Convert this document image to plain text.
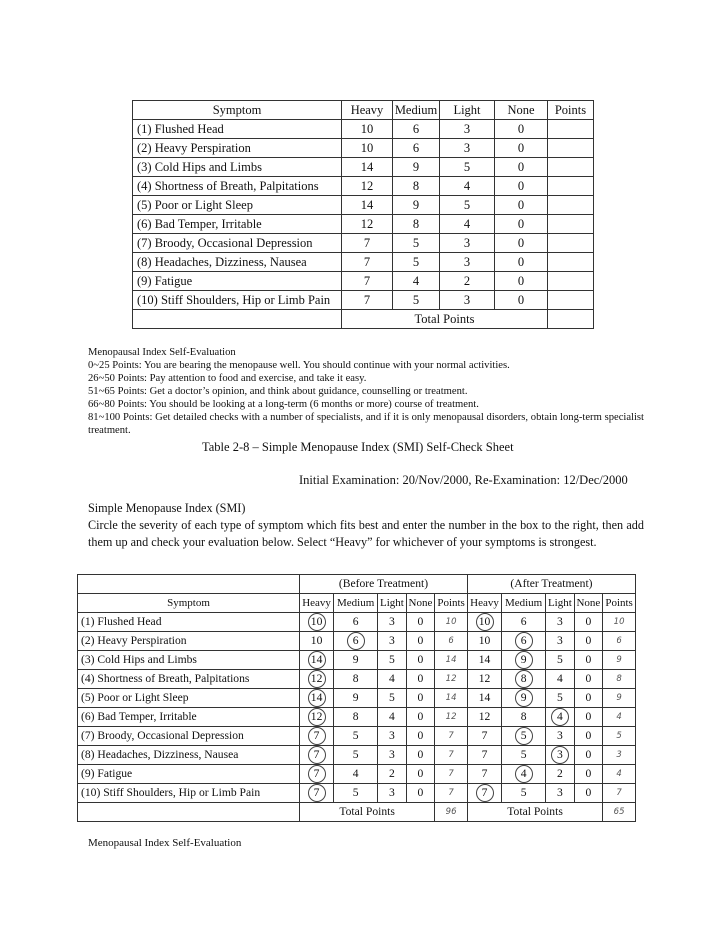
Symptom	Heavy	Medium	Light	None	Points
(1) Flushed Head	10	6	3	0	
(2) Heavy Perspiration	10	6	3	0	
(3) Cold Hips and Limbs	14	9	5	0	
(4) Shortness of Breath, Palpitations	12	8	4	0	
(5) Poor or Light Sleep	14	9	5	0	
(6) Bad Temper, Irritable	12	8	4	0	
(7) Broody, Occasional Depression	7	5	3	0	
(8) Headaches, Dizziness, Nausea	7	5	3	0	
(9) Fatigue	7	4	2	0	
(10) Stiff Shoulders, Hip or Limb Pain	7	5	3	0	
	Total Points				
Menopausal Index Self-Evaluation
0~25 Points: You are bearing the menopause well. You should continue with your normal activities.
26~50 Points: Pay attention to food and exercise, and take it easy.
51~65 Points: Get a doctor’s opinion, and think about guidance, counselling or treatment.
66~80 Points: You should be looking at a long-term (6 months or more) course of treatment.
81~100 Points: Get detailed checks with a number of specialists, and if it is only menopausal disorders, obtain long-term specialist treatment.
Table 2-8 – Simple Menopause Index (SMI) Self-Check Sheet
Initial Examination: 20/Nov/2000, Re-Examination: 12/Dec/2000
Simple Menopause Index (SMI)
Circle the severity of each type of symptom which fits best and enter the number in the box to the right, then add them up and check your evaluation below. Select “Heavy” for whichever of your symptoms is strongest.
	(Before Treatment)					(After Treatment)				
Symptom	Heavy	Medium	Light	None	Points	Heavy	Medium	Light	None	Points
(1) Flushed Head	10	6	3	0	10	10	6	3	0	10
(2) Heavy Perspiration	10	6	3	0	6	10	6	3	0	6
(3) Cold Hips and Limbs	14	9	5	0	14	14	9	5	0	9
(4) Shortness of Breath, Palpitations	12	8	4	0	12	12	8	4	0	8
(5) Poor or Light Sleep	14	9	5	0	14	14	9	5	0	9
(6) Bad Temper, Irritable	12	8	4	0	12	12	8	4	0	4
(7) Broody, Occasional Depression	7	5	3	0	7	7	5	3	0	5
(8) Headaches, Dizziness, Nausea	7	5	3	0	7	7	5	3	0	3
(9) Fatigue	7	4	2	0	7	7	4	2	0	4
(10) Stiff Shoulders, Hip or Limb Pain	7	5	3	0	7	7	5	3	0	7
	Total Points				96	Total Points				65
Menopausal Index Self-Evaluation
